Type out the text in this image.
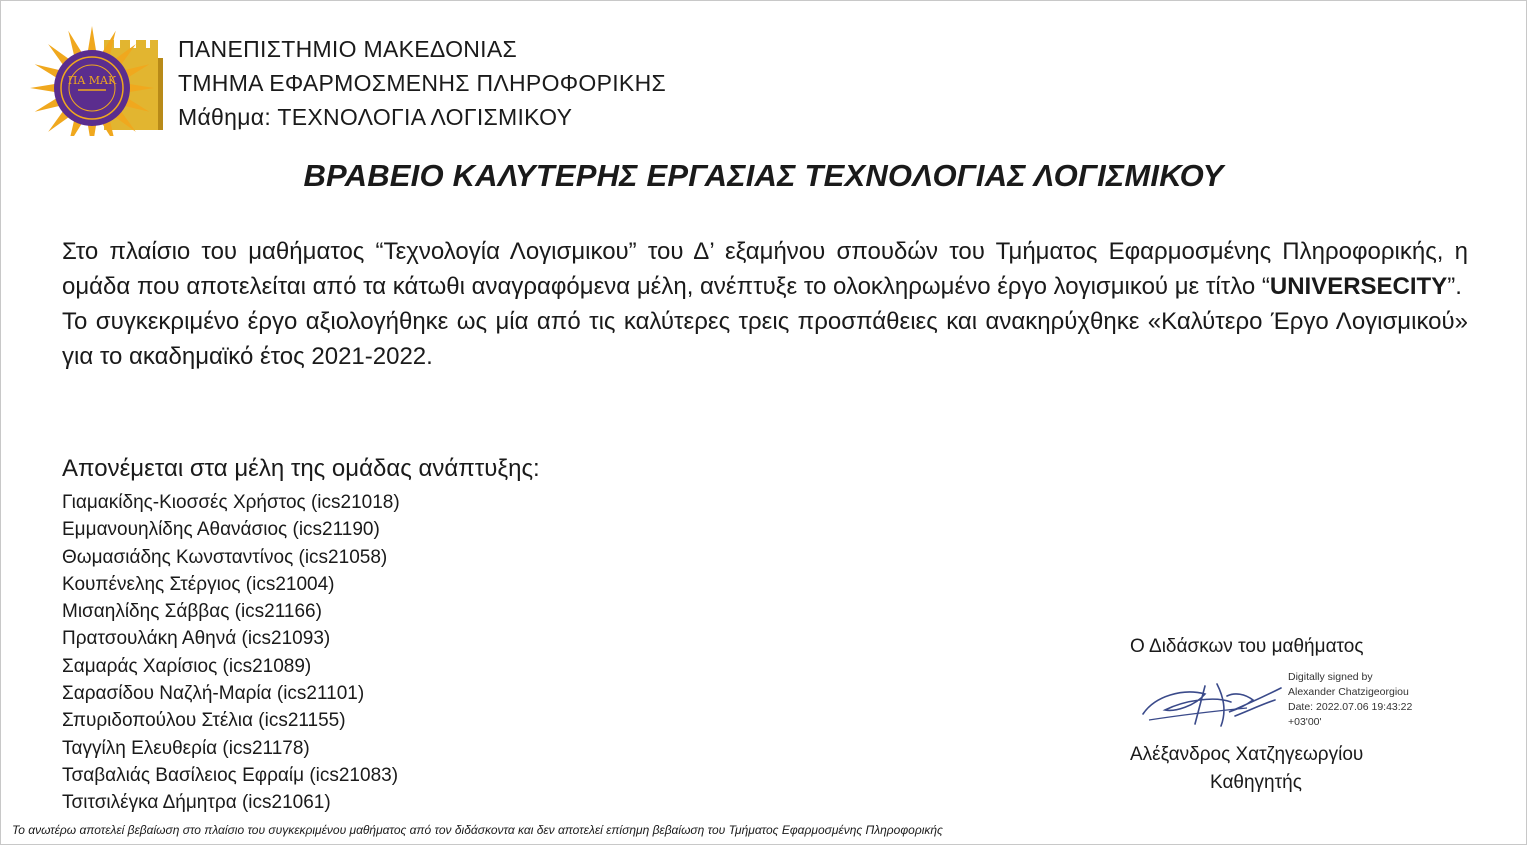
ΠΑ ΜΑΚ
ΠΑΝΕΠΙΣΤΗΜΙΟ ΜΑΚΕΔΟΝΙΑΣ
ΤΜΗΜΑ ΕΦΑΡΜΟΣΜΕΝΗΣ ΠΛΗΡΟΦΟΡΙΚΗΣ
Μάθημα: ΤΕΧΝΟΛΟΓΙΑ ΛΟΓΙΣΜΙΚΟΥ
ΒΡΑΒΕΙΟ ΚΑΛΥΤΕΡΗΣ ΕΡΓΑΣΙΑΣ ΤΕΧΝΟΛΟΓΙΑΣ ΛΟΓΙΣΜΙΚΟΥ

Στο πλαίσιο του μαθήματος “Τεχνολογία Λογισμικου” του Δ’ εξαμήνου σπουδών του Τμήματος Εφαρμοσμένης Πληροφορικής, η ομάδα που αποτελείται από τα κάτωθι αναγραφόμενα μέλη, ανέπτυξε το ολοκληρωμένο έργο λογισμικού με τίτλο “UNIVERSECITY”.

Το συγκεκριμένο έργο αξιολογήθηκε ως μία από τις καλύτερες τρεις προσπάθειες και ανακηρύχθηκε «Καλύτερο Έργο Λογισμικού» για το ακαδημαϊκό έτος 2021-2022.

Απονέμεται στα μέλη της ομάδας ανάπτυξης:
Γιαμακίδης-Κιοσσές Χρήστος (ics21018)
Εμμανουηλίδης Αθανάσιος (ics21190)
Θωμασιάδης Κωνσταντίνος (ics21058)
Κουπένελης Στέργιος (ics21004)
Μισαηλίδης Σάββας (ics21166)
Πρατσουλάκη Αθηνά (ics21093)
Σαμαράς Χαρίσιος (ics21089)
Σαρασίδου Ναζλή-Μαρία (ics21101)
Σπυριδοπούλου Στέλια (ics21155)
Ταγγίλη Ελευθερία (ics21178)
Τσαβαλιάς Βασίλειος Εφραίμ (ics21083)
Τσιτσιλέγκα Δήμητρα (ics21061)
Ο Διδάσκων του μαθήματος
Digitally signed by
Alexander Chatzigeorgiou
Date: 2022.07.06 19:43:22
+03'00'
Αλέξανδρος Χατζηγεωργίου
Καθηγητής
Το ανωτέρω αποτελεί βεβαίωση στο πλαίσιο του συγκεκριμένου μαθήματος από τον διδάσκοντα και δεν αποτελεί επίσημη βεβαίωση του Τμήματος Εφαρμοσμένης Πληροφορικής
